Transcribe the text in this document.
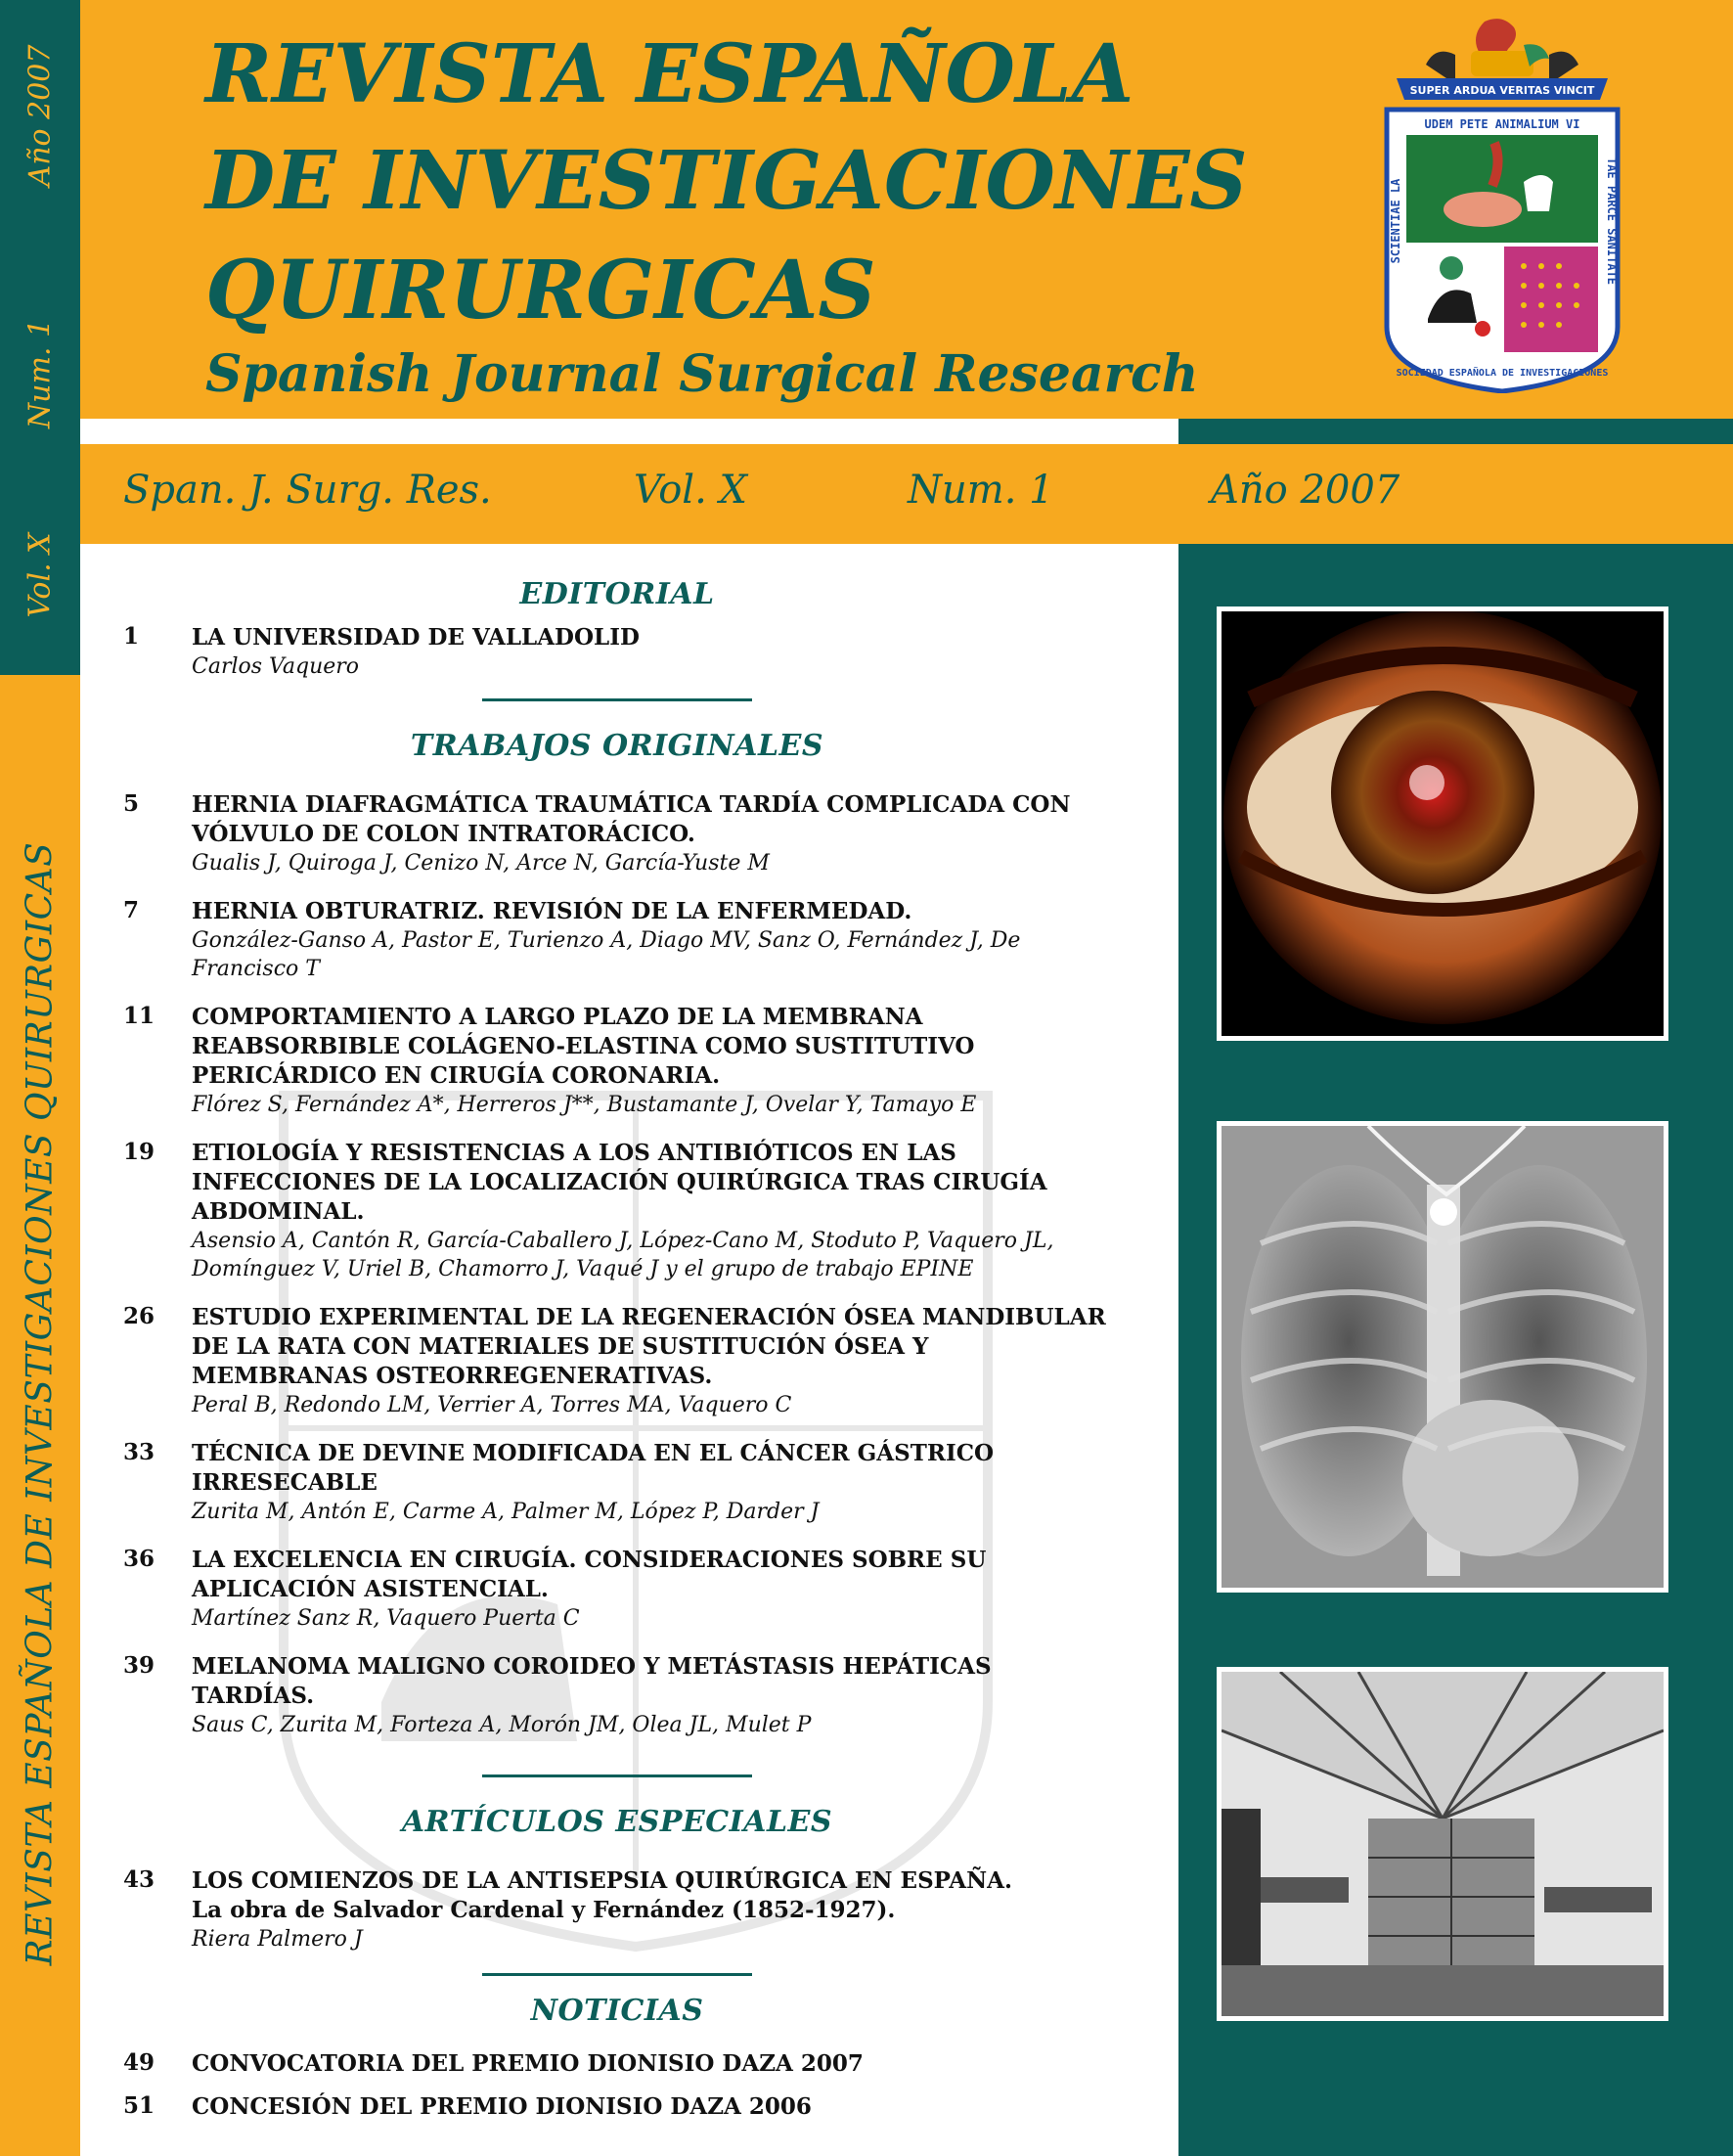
Año 2007
Num. 1
Vol. X
REVISTA ESPAÑOLA DE INVESTIGACIONES QUIRURGICAS
REVISTA ESPAÑOLA
DE INVESTIGACIONES
QUIRURGICAS
Spanish Journal Surgical Research
SUPER ARDUA VERITAS VINCIT
UDEM PETE ANIMALIUM VI
SCIENTIAE LA	TAE PARCE SANITATE
SOCIEDAD ESPAÑOLA DE INVESTIGACIONES
Span. J. Surg. Res.	Vol. X	Num. 1	Año 2007
EDITORIAL
1 LA UNIVERSIDAD DE VALLADOLID
Carlos Vaquero
TRABAJOS ORIGINALES
5 HERNIA DIAFRAGMÁTICA TRAUMÁTICA TARDÍA COMPLICADA CON VÓLVULO DE COLON INTRATORÁCICO.
Gualis J, Quiroga J, Cenizo N, Arce N, García-Yuste M
7 HERNIA OBTURATRIZ. REVISIÓN DE LA ENFERMEDAD.
González-Ganso A, Pastor E, Turienzo A, Diago MV, Sanz O, Fernández J, De Francisco T
11 COMPORTAMIENTO A LARGO PLAZO DE LA MEMBRANA REABSORBIBLE COLÁGENO-ELASTINA COMO SUSTITUTIVO PERICÁRDICO EN CIRUGÍA CORONARIA.
Flórez S, Fernández A*, Herreros J**, Bustamante J, Ovelar Y, Tamayo E
19 ETIOLOGÍA Y RESISTENCIAS A LOS ANTIBIÓTICOS EN LAS INFECCIONES DE LA LOCALIZACIÓN QUIRÚRGICA TRAS CIRUGÍA ABDOMINAL.
Asensio A, Cantón R, García-Caballero J, López-Cano M, Stoduto P, Vaquero JL, Domínguez V, Uriel B, Chamorro J, Vaqué J y el grupo de trabajo EPINE
26 ESTUDIO EXPERIMENTAL DE LA REGENERACIÓN ÓSEA MANDIBULAR DE LA RATA CON MATERIALES DE SUSTITUCIÓN ÓSEA Y MEMBRANAS OSTEORREGENERATIVAS.
Peral B, Redondo LM, Verrier A, Torres MA, Vaquero C
33 TÉCNICA DE DEVINE MODIFICADA EN EL CÁNCER GÁSTRICO IRRESECABLE
Zurita M, Antón E, Carme A, Palmer M, López P, Darder J
36 LA EXCELENCIA EN CIRUGÍA. CONSIDERACIONES SOBRE SU APLICACIÓN ASISTENCIAL.
Martínez Sanz R, Vaquero Puerta C
39 MELANOMA MALIGNO COROIDEO Y METÁSTASIS HEPÁTICAS TARDÍAS.
Saus C, Zurita M, Forteza A, Morón JM, Olea JL, Mulet P
ARTÍCULOS ESPECIALES
43 LOS COMIENZOS DE LA ANTISEPSIA QUIRÚRGICA EN ESPAÑA.
La obra de Salvador Cardenal y Fernández (1852-1927).
Riera Palmero J
NOTICIAS
49 CONVOCATORIA DEL PREMIO DIONISIO DAZA 2007
51 CONCESIÓN DEL PREMIO DIONISIO DAZA 2006
